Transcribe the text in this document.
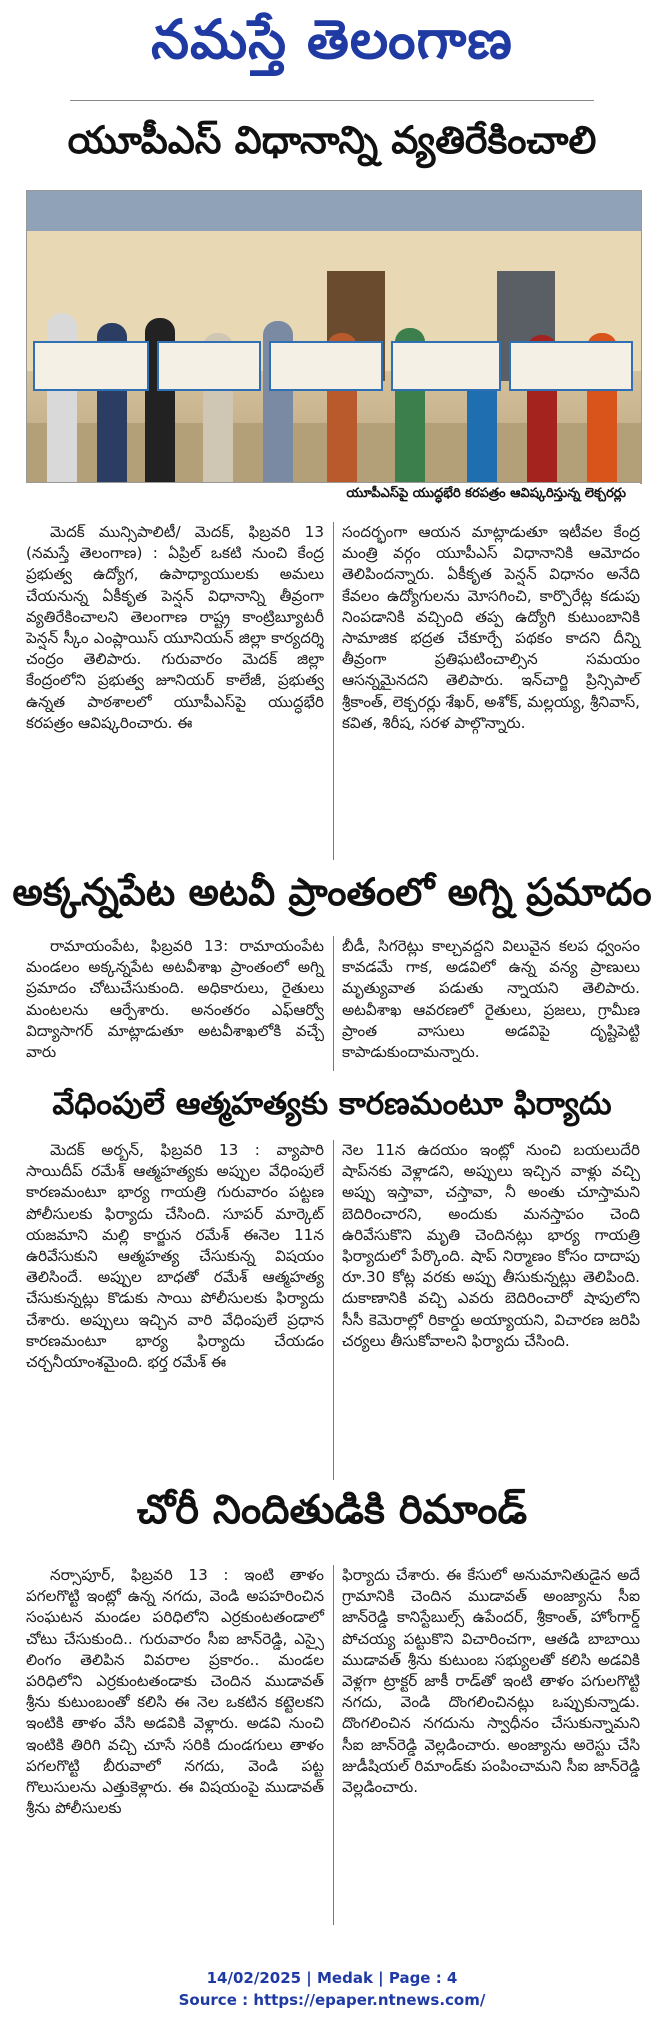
నమస్తే తెలంగాణ
యూపీఎస్ విధానాన్ని వ్యతిరేకించాలి
యూపీఎస్‌పై యుద్ధభేరి కరపత్రం ఆవిష్కరిస్తున్న లెక్చరర్లు

మెదక్ మున్సిపాలిటీ/ మెదక్, ఫిబ్రవరి 13 (నమస్తే తెలంగాణ) : ఏప్రిల్ ఒకటి నుంచి కేంద్ర ప్రభుత్వ ఉద్యోగ, ఉపాధ్యాయులకు అమలు చేయనున్న ఏకీకృత పెన్షన్ విధానాన్ని తీవ్రంగా వ్యతిరేకించాలని తెలంగాణ రాష్ట్ర కాంట్రిబ్యూటరీ పెన్షన్ స్కీం ఎంప్లాయిస్ యూనియన్ జిల్లా కార్యదర్శి చంద్రం తెలిపారు. గురువారం మెదక్ జిల్లా కేంద్రంలోని ప్రభుత్వ జూనియర్ కాలేజీ, ప్రభుత్వ ఉన్నత పాఠశాలలో యూపీఎస్‌పై యుద్ధభేరి కరపత్రం ఆవిష్కరించారు. ఈ

సందర్భంగా ఆయన మాట్లాడుతూ ఇటీవల కేంద్ర మంత్రి వర్గం యూపీఎస్ విధానానికి ఆమోదం తెలిపిందన్నారు. ఏకీకృత పెన్షన్ విధానం అనేది కేవలం ఉద్యోగులను మోసగించి, కార్పొరేట్ల కడుపు నింపడానికి వచ్చింది తప్ప ఉద్యోగి కుటుంబానికి సామాజిక భద్రత చేకూర్చే పథకం కాదని దీన్ని తీవ్రంగా ప్రతిఘటించాల్సిన సమయం ఆసన్నమైనదని తెలిపారు. ఇన్‌చార్జి ప్రిన్సిపాల్ శ్రీకాంత్, లెక్చరర్లు శేఖర్, అశోక్, మల్లయ్య, శ్రీనివాస్, కవిత, శిరీష, సరళ పాల్గొన్నారు.

అక్కన్నపేట అటవీ ప్రాంతంలో అగ్ని ప్రమాదం

రామాయంపేట, ఫిబ్రవరి 13: రామాయంపేట మండలం అక్కన్నపేట అటవీశాఖ ప్రాంతంలో అగ్ని ప్రమాదం చోటుచేసుకుంది. అధికారులు, రైతులు మంటలను ఆర్పేశారు. అనంతరం ఎఫ్ఆర్వో విద్యాసాగర్ మాట్లాడుతూ అటవీశాఖలోకి వచ్చే వారు

బీడీ, సిగరెట్లు కాల్చవద్దని విలువైన కలప ధ్వంసం కావడమే గాక, అడవిలో ఉన్న వన్య ప్రాణులు మృత్యువాత పడుతు న్నాయని తెలిపారు. అటవీశాఖ ఆవరణలో రైతులు, ప్రజలు, గ్రామీణ ప్రాంత వాసులు అడవిపై దృష్టిపెట్టి కాపాడుకుందామన్నారు.

వేధింపులే ఆత్మహత్యకు కారణమంటూ ఫిర్యాదు

మెదక్ అర్బన్, ఫిబ్రవరి 13 : వ్యాపారి సాయిదీప్ రమేశ్ ఆత్మహత్యకు అప్పుల వేధింపులే కారణమంటూ భార్య గాయత్రి గురువారం పట్టణ పోలీసులకు ఫిర్యాదు చేసింది. సూపర్ మార్కెట్ యజమాని మల్లి కార్జున రమేశ్ ఈనెల 11న ఉరివేసుకుని ఆత్మహత్య చేసుకున్న విషయం తెలిసిందే. అప్పుల బాధతో రమేశ్ ఆత్మహత్య చేసుకున్నట్లు కొడుకు సాయి పోలీసులకు ఫిర్యాదు చేశారు. అప్పులు ఇచ్చిన వారి వేధింపులే ప్రధాన కారణమంటూ భార్య ఫిర్యాదు చేయడం చర్చనీయాంశమైంది. భర్త రమేశ్ ఈ

నెల 11న ఉదయం ఇంట్లో నుంచి బయలుదేరి షాప్‌నకు వెళ్లాడని, అప్పులు ఇచ్చిన వాళ్లు వచ్చి అప్పు ఇస్తావా, చస్తావా, నీ అంతు చూస్తామని బెదిరించారని, అందుకు మనస్తాపం చెంది ఉరివేసుకొని మృతి చెందినట్లు భార్య గాయత్రి ఫిర్యాదులో పేర్కొంది. షాప్ నిర్మాణం కోసం దాదాపు రూ.30 కోట్ల వరకు అప్పు తీసుకున్నట్లు తెలిపింది. దుకాణానికి వచ్చి ఎవరు బెదిరించారో షాపులోని సీసీ కెమెరాల్లో రికార్డు అయ్యాయని, విచారణ జరిపి చర్యలు తీసుకోవాలని ఫిర్యాదు చేసింది.

చోరీ నిందితుడికి రిమాండ్

నర్సాపూర్, ఫిబ్రవరి 13 : ఇంటి తాళం పగలగొట్టి ఇంట్లో ఉన్న నగదు, వెండి అపహరించిన సంఘటన మండల పరిధిలోని ఎర్రకుంటతండాలో చోటు చేసుకుంది.. గురువారం సీఐ జాన్‌రెడ్డి, ఎస్సై లింగం తెలిపిన వివరాల ప్రకారం.. మండల పరిధిలోని ఎర్రకుంటతండాకు చెందిన ముడావత్ శ్రీను కుటుంబంతో కలిసి ఈ నెల ఒకటిన కట్టెలకని ఇంటికి తాళం వేసి అడవికి వెళ్లారు. అడవి నుంచి ఇంటికి తిరిగి వచ్చి చూసే సరికి దుండగులు తాళం పగలగొట్టి బీరువాలో నగదు, వెండి పట్ట గొలుసులను ఎత్తుకెళ్లారు. ఈ విషయంపై ముడావత్ శ్రీను పోలీసులకు

ఫిర్యాదు చేశారు. ఈ కేసులో అనుమానితుడైన అదే గ్రామానికి చెందిన ముడావత్ అంజ్యాను సీఐ జాన్‌రెడ్డి కానిస్టేబుల్స్ ఉపేందర్, శ్రీకాంత్, హోంగార్డ్ పోచయ్య పట్టుకొని విచారించగా, ఆతడి బాబాయి ముడావత్ శ్రీను కుటుంబ సభ్యులతో కలిసి అడవికి వెళ్లగా ట్రాక్టర్ జాకీ రాడ్‌తో ఇంటి తాళం పగులగొట్టి నగదు, వెండి దొంగలించినట్లు ఒప్పుకున్నాడు. దొంగలించిన నగదును స్వాధీనం చేసుకున్నామని సీఐ జాన్‌రెడ్డి వెల్లడించారు. అంజ్యాను అరెస్టు చేసి జుడీషియల్ రిమాండ్‌కు పంపించామని సీఐ జాన్‌రెడ్డి వెల్లడించారు.

14/02/2025 | Medak | Page : 4
Source : https://epaper.ntnews.com/
